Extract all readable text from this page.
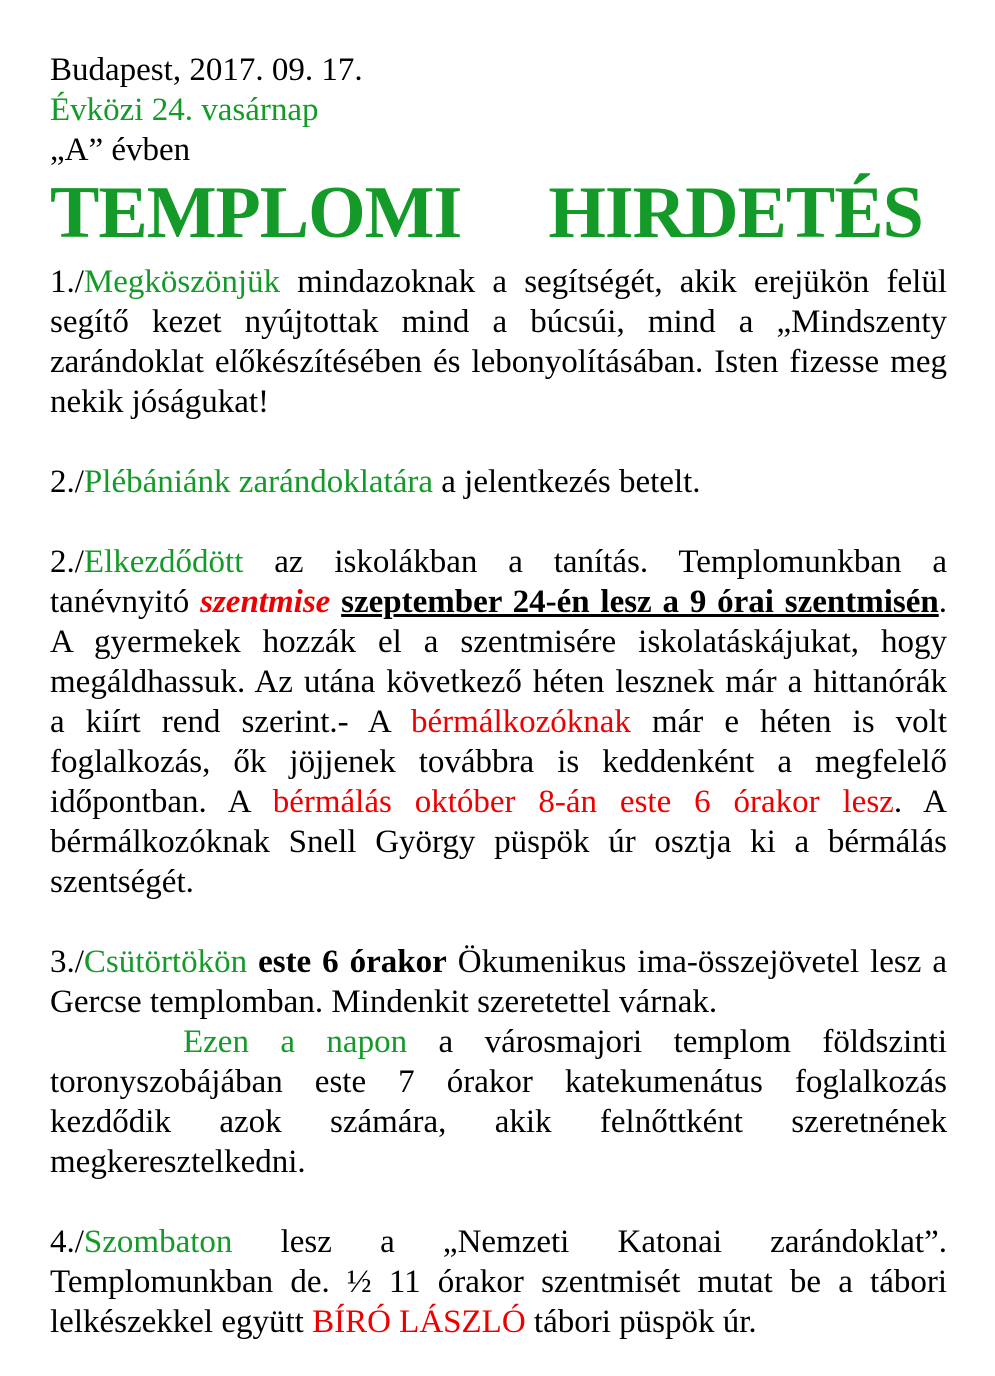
Budapest, 2017. 09. 17.
Évközi 24. vasárnap
„A” évben
TEMPLOMI  HIRDETÉS

1./Megköszönjük mindazoknak a segítségét, akik erejükön felül segítő kezet nyújtottak mind a búcsúi, mind a „Mindszenty zarándoklat előkészítésében és lebonyolításában. Isten fizesse meg nekik jóságukat!

2./Plébániánk zarándoklatára a jelentkezés betelt.

2./Elkezdődött az iskolákban a tanítás. Templomunkban a tanévnyitó szentmise szeptember 24-én lesz a 9 órai szentmisén. A gyermekek hozzák el a szentmisére iskolatáskájukat, hogy megáldhassuk. Az utána következő héten lesznek már a hittanórák a kiírt rend szerint.- A bérmálkozóknak már e héten is volt foglalkozás, ők jöjjenek továbbra is keddenként a megfelelő időpontban. A bérmálás október 8-án este 6 órakor lesz. A bérmálkozóknak Snell György püspök úr osztja ki a bérmálás szentségét.

3./Csütörtökön este 6 órakor Ökumenikus ima-összejövetel lesz a Gercse templomban. Mindenkit szeretettel várnak.

Ezen a napon a városmajori templom földszinti toronyszobájában este 7 órakor katekumenátus foglalkozás kezdődik azok számára, akik felnőttként szeretnének megkeresztelkedni.

4./Szombaton lesz a „Nemzeti Katonai zarándoklat”. Templomunkban de. ½ 11 órakor szentmisét mutat be a tábori lelkészekkel együtt BÍRÓ LÁSZLÓ tábori püspök úr.
